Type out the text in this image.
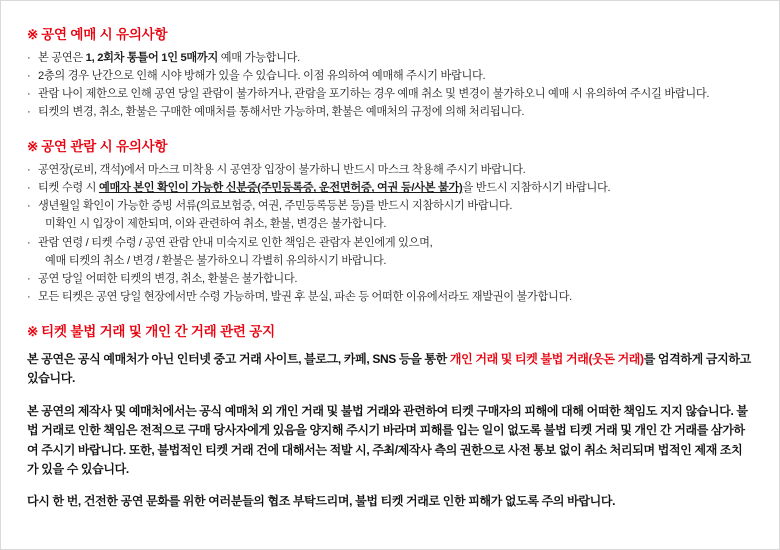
※ 공연 예매 시 유의사항

· 본 공연은 1, 2회차 통틀어 1인 5매까지 예매 가능합니다.
· 2층의 경우 난간으로 인해 시야 방해가 있을 수 있습니다. 이점 유의하여 예매해 주시기 바랍니다.
· 관람 나이 제한으로 인해 공연 당일 관람이 불가하거나, 관람을 포기하는 경우 예매 취소 및 변경이 불가하오니 예매 시 유의하여 주시길 바랍니다.
· 티켓의 변경, 취소, 환불은 구매한 예매처를 통해서만 가능하며, 환불은 예매처의 규정에 의해 처리됩니다.

※ 공연 관람 시 유의사항

· 공연장(로비, 객석)에서 마스크 미착용 시 공연장 입장이 불가하니 반드시 마스크 착용해 주시기 바랍니다.
· 티켓 수령 시 예매자 본인 확인이 가능한 신분증(주민등록증, 운전면허증, 여권 등/사본 불가)을 반드시 지참하시기 바랍니다.
· 생년월일 확인이 가능한 증빙 서류(의료보험증, 여권, 주민등록등본 등)를 반드시 지참하시기 바랍니다.
미확인 시 입장이 제한되며, 이와 관련하여 취소, 환불, 변경은 불가합니다.
· 관람 연령 / 티켓 수령 / 공연 관람 안내 미숙지로 인한 책임은 관람자 본인에게 있으며,
예매 티켓의 취소 / 변경 / 환불은 불가하오니 각별히 유의하시기 바랍니다.
· 공연 당일 어떠한 티켓의 변경, 취소, 환불은 불가합니다.
· 모든 티켓은 공연 당일 현장에서만 수령 가능하며, 발권 후 분실, 파손 등 어떠한 이유에서라도 재발권이 불가합니다.

※ 티켓 불법 거래 및 개인 간 거래 관련 공지

본 공연은 공식 예매처가 아닌 인터넷 중고 거래 사이트, 블로그, 카페, SNS 등을 통한 개인 거래 및 티켓 불법 거래(웃돈 거래)를 엄격하게 금지하고 있습니다.

본 공연의 제작사 및 예매처에서는 공식 예매처 외 개인 거래 및 불법 거래와 관련하여 티켓 구매자의 피해에 대해 어떠한 책임도 지지 않습니다. 불법 거래로 인한 책임은 전적으로 구매 당사자에게 있음을 양지해 주시기 바라며 피해를 입는 일이 없도록 불법 티켓 거래 및 개인 간 거래를 삼가하여 주시기 바랍니다. 또한, 불법적인 티켓 거래 건에 대해서는 적발 시, 주최/제작사 측의 권한으로 사전 통보 없이 취소 처리되며 법적인 제재 조치가 있을 수 있습니다.

다시 한 번, 건전한 공연 문화를 위한 여러분들의 협조 부탁드리며, 불법 티켓 거래로 인한 피해가 없도록 주의 바랍니다.
